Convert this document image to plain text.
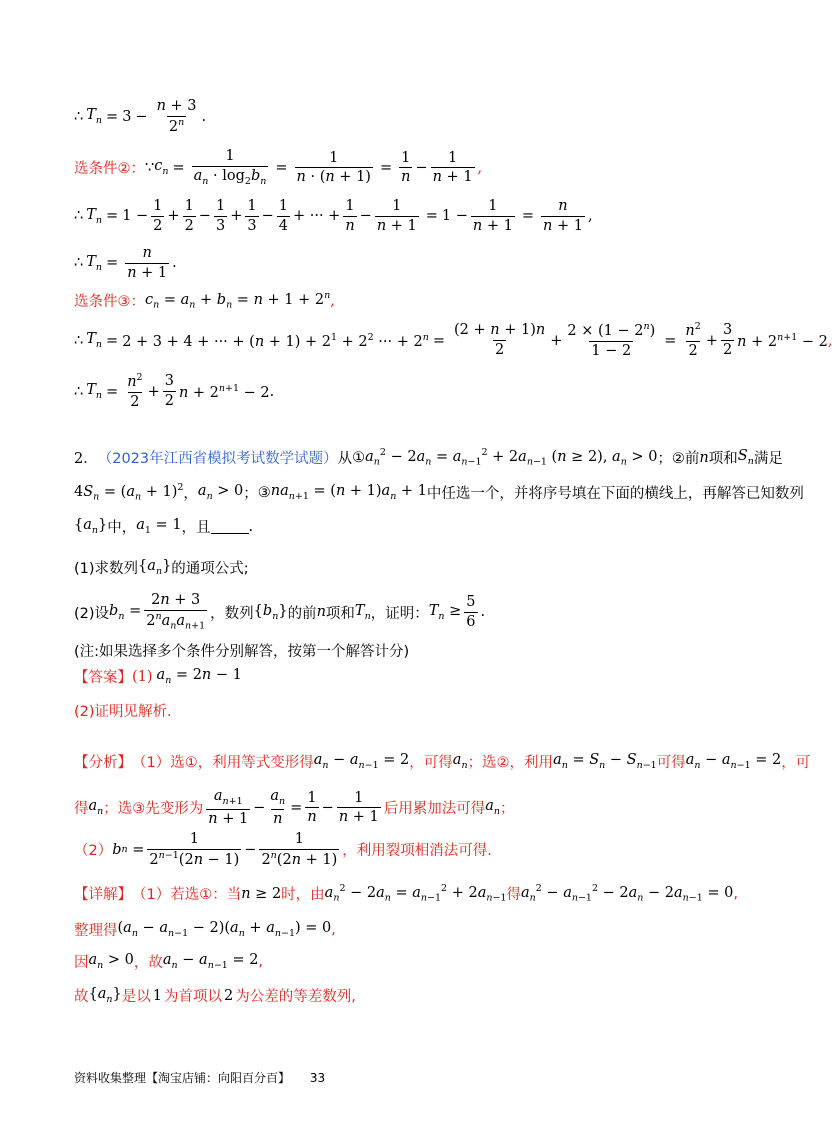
∴ $T_n = 3 - \frac{n + 3}{2^n}$ .
选条件②： ∵ $c_n = \frac{1}{a_n \cdot \log_2b_n} = \frac{1}{n \cdot (n + 1)} = \frac{1}{n} - \frac{1}{n + 1}$ ,
∴ $T_n = 1 - \frac{1}{2} + \frac{1}{2} - \frac{1}{3} + \frac{1}{3} - \frac{1}{4}$ + ··· + $\frac{1}{n} - \frac{1}{n + 1} = 1 - \frac{1}{n + 1} = \frac{n}{n + 1}$ ,
∴ $T_n = \frac{n}{n + 1}$ .
选条件③： $c_n = a_n + b_n = n + 1 + 2^n$ ,
∴ $T_n = 2 + 3 + 4$ + ··· + $(n + 1) + 2^1 + 2^2$ ··· + $2^n = \frac{(2 + n + 1)n}{2} + \frac{2 \times (1 - 2^n)}{1 - 2} = \frac{n^2}{2} + \frac{3}{2}$ $n + 2^{n+1} - 2$ ,
∴ $T_n = \frac{n^2}{2} + \frac{3}{2}$ $n + 2^{n+1} - 2$ .
2． （2023年江西省模拟考试数学试题） 从 ① $a_n^2 - 2a_n = a_{n-1}^2 + 2a_{n-1}$ (n ≥ 2), $a_n > 0$ ； ②前 n 项和 $S_n$ 满足
$4S_n = (a_n + 1)^2$ ， $a_n > 0$ ； ③ $na_{n+1} = (n + 1)a_n + 1$ 中任选一个，并将序号填在下面的横线上，再解答已知数列
$\{a_n\}$ 中， $a_1 = 1$ ，且	.
(1)求数列 $\{a_n\}$ 的通项公式;
(2)设 $b_n = \frac{2n + 3}{2^na_na_{n+1}}$ ，数列 $\{b_n\}$ 的前 n 项和 $T_n$ ，证明： $T_n \ge \frac{5}{6}$ .
(注:如果选择多个条件分别解答，按第一个解答计分)
【答案】 (1) $a_n = 2n - 1$
(2)证明见解析.
【分析】 （1）选①，利用等式变形得 $a_n - a_{n-1} = 2$ ，可得 $a_n$ ；选②，利用 $a_n = S_n - S_{n-1}$ 可得 $a_n - a_{n-1} = 2$ ，可
得 $a_n$ ；选③先变形为 $\frac{a_{n+1}}{n + 1} - \frac{a_n}{n} = \frac{1}{n} - \frac{1}{n + 1}$ 后用累加法可得 $a_n$ ；
（2） b $n = \frac{1}{2^{n-1}(2n - 1)} - \frac{1}{2^n(2n + 1)}$ ，利用裂项相消法可得.
【详解】 （1）若选①：当 n ≥ 2 时，由 $a_n^2 - 2a_n = a_{n-1}^2 + 2a_{n-1}$ 得 $a_n^2 - a_{n-1}^2 - 2a_n - 2a_{n-1} = 0$ ,
整理得 $(a_n - a_{n-1} - 2)(a_n + a_{n-1}) = 0$ ,
因 $a_n > 0$ ，故 $a_n - a_{n-1} = 2$ ,
故 $\{a_n\}$ 是以 1 为首项以 2 为公差的等差数列,
资料收集整理【淘宝店铺：向阳百分百】 33
